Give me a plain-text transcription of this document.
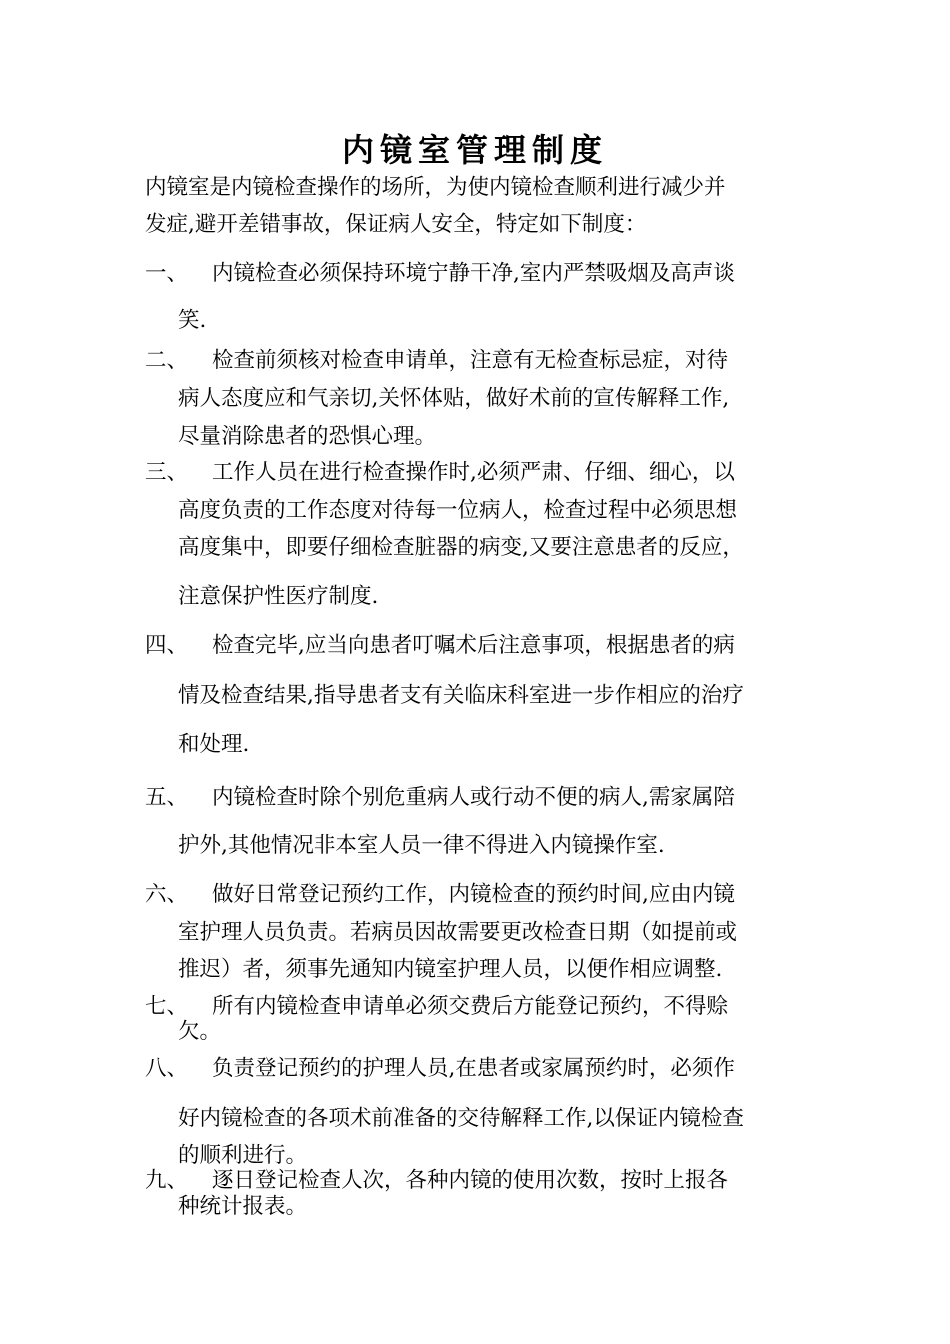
内镜室管理制度
内镜室是内镜检查操作的场所，为使内镜检查顺利进行减少并
发症,避开差错事故，保证病人安全，特定如下制度：
一、 内镜检查必须保持环境宁静干净,室内严禁吸烟及高声谈
笑.
二、 检查前须核对检查申请单，注意有无检查标忌症，对待
病人态度应和气亲切,关怀体贴，做好术前的宣传解释工作,
尽量消除患者的恐惧心理。
三、 工作人员在进行检查操作时,必须严肃、仔细、细心，以
高度负责的工作态度对待每一位病人，检查过程中必须思想
高度集中，即要仔细检查脏器的病变,又要注意患者的反应，
注意保护性医疗制度.
四、 检查完毕,应当向患者叮嘱术后注意事项，根据患者的病
情及检查结果,指导患者支有关临床科室进一步作相应的治疗
和处理.
五、 内镜检查时除个别危重病人或行动不便的病人,需家属陪
护外,其他情况非本室人员一律不得进入内镜操作室.
六、 做好日常登记预约工作，内镜检查的预约时间,应由内镜
室护理人员负责。若病员因故需要更改检查日期（如提前或
推迟）者，须事先通知内镜室护理人员，以便作相应调整.
七、 所有内镜检查申请单必须交费后方能登记预约，不得赊
欠。
八、 负责登记预约的护理人员,在患者或家属预约时，必须作
好内镜检查的各项术前准备的交待解释工作,以保证内镜检查
的顺利进行。
九、 逐日登记检查人次，各种内镜的使用次数，按时上报各
种统计报表。
